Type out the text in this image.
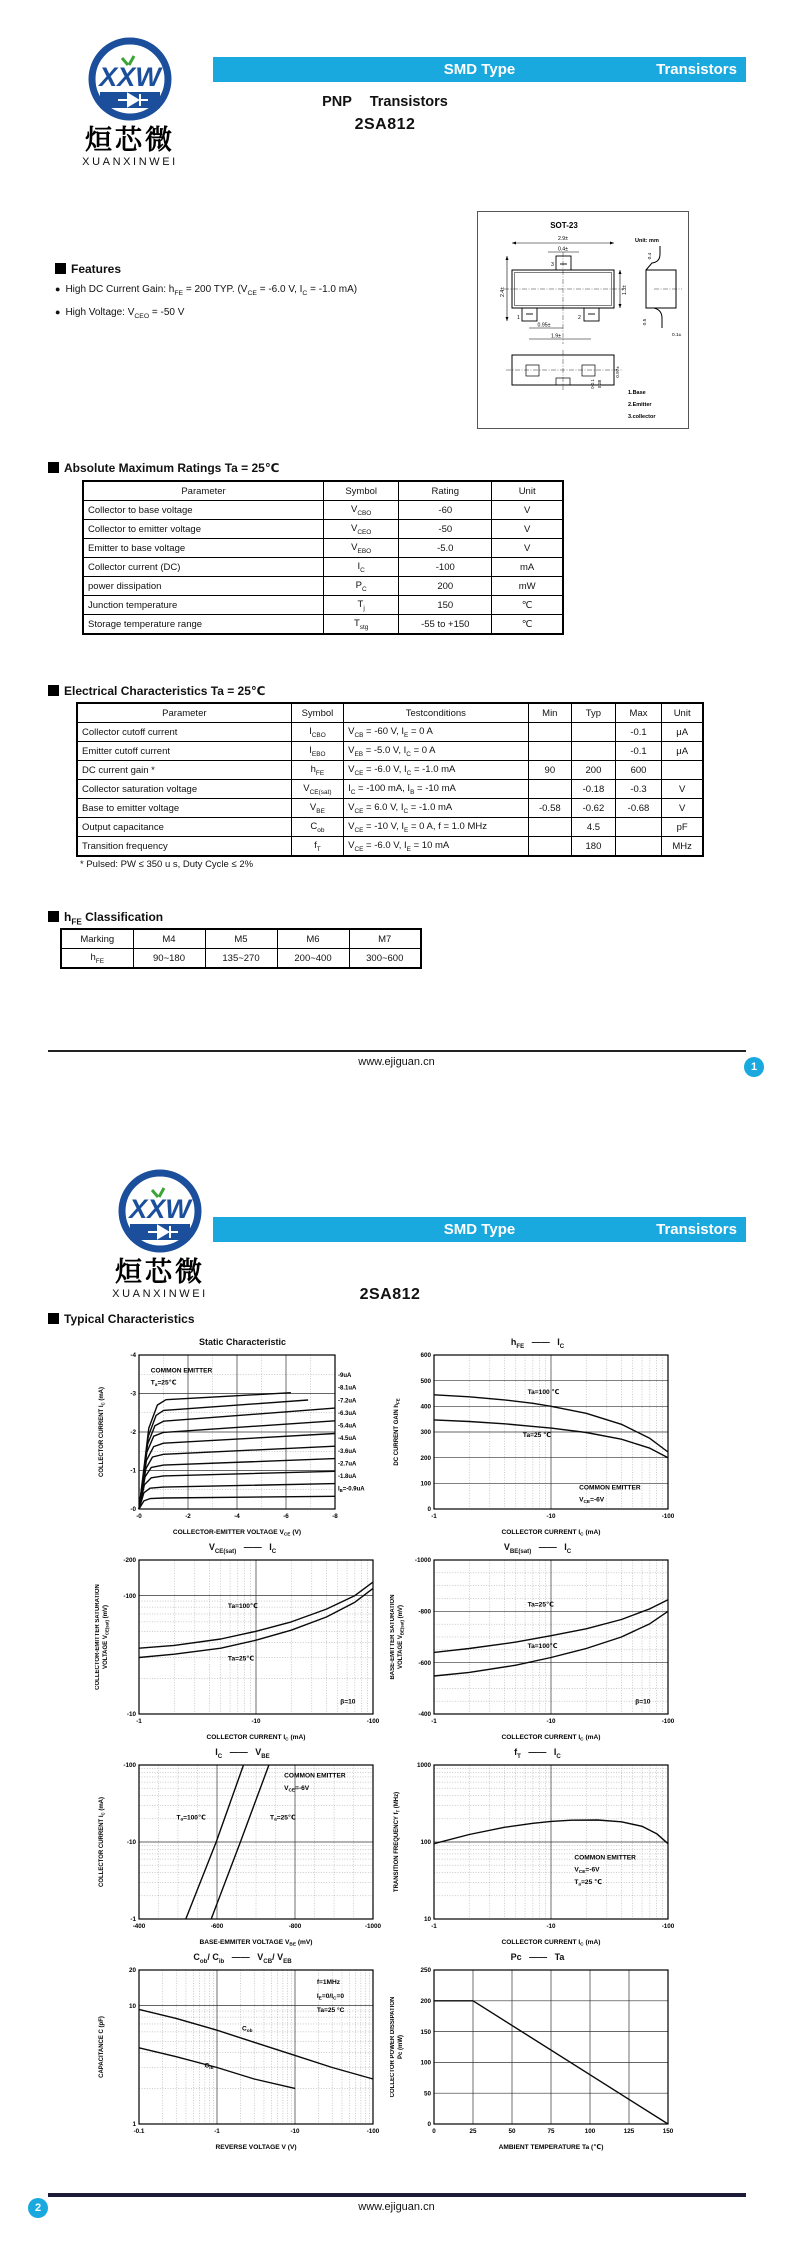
XXW
烜芯微
XUANXINWEI
SMD Type	Transistors
PNP Transistors
2SA812
Features
● High DC Current Gain: $h_{FE} = 200$ TYP. ($V_{CE} = -6.0$ V, $I_C = -1.0$ mA)
● High Voltage: $V_{CEO} = -50$ V
SOT-23
Unit: mm
2.9±
0.4±
3
1	2
2.4±	1.3±
0.95±
1.9±
0.4
0.5
0.1±
0.97±
0-0.1 0.38
1.Base
2.Emitter
3.collector
Absolute Maximum Ratings Ta = 25℃
Parameter	Symbol	Rating	Unit
Collector to base voltage	$V_{CBO}$	-60	V
Collector to emitter voltage	$V_{CEO}$	-50	V
Emitter to base voltage	$V_{EBO}$	-5.0	V
Collector current (DC)	$I_C$	-100	mA
power dissipation	$P_C$	200	mW
Junction temperature	$T_j$	150	℃
Storage temperature range	$T_{stg}$	-55 to +150	℃
Electrical Characteristics Ta = 25℃
Parameter	Symbol	Testconditions	Min	Typ	Max	Unit
Collector cutoff current	$I_{CBO}$	$V_{CB} = -60$ V, $I_E = 0$ A			-0.1	μA
Emitter cutoff current	$I_{EBO}$	$V_{EB} = -5.0$ V, $I_C = 0$ A			-0.1	μA
DC current gain *	$h_{FE}$	$V_{CE} = -6.0$ V, $I_C = -1.0$ mA	90	200	600	
Collector saturation voltage	$V_{CE(sat)}$	$I_C = -100$ mA, $I_B = -10$ mA		-0.18	-0.3	V
Base to emitter voltage	$V_{BE}$	$V_{CE} = 6.0$ V, $I_C = -1.0$ mA	-0.58	-0.62	-0.68	V
Output capacitance	$C_{ob}$	$V_{CE} = -10$ V, $I_E = 0$ A, f = 1.0 MHz		4.5		pF
Transition frequency	$f_T$	$V_{CE} = -6.0$ V, $I_E = 10$ mA		180		MHz
* Pulsed: PW ≤ 350 u s, Duty Cycle ≤ 2%
$h_{FE}$ Classification
Marking	M4	M5	M6	M7
$h_{FE}$	90~180	135~270	200~400	300~600
www.ejiguan.cn	1
XXW
烜芯微
XUANXINWEI
SMD Type	Transistors
2SA812
Typical Characteristics
Static Characteristic
-0	-2	-4	-6	-8
-0
-1
-2
-3
-4
COLLECTOR-EMITTER VOLTAGE $V_{CE}$ (V)
COLLECTOR CURRENT $I_C$ (mA)
COMMON EMITTER
$T_a=25℃$
-9uA
-8.1uA
-7.2uA
-6.3uA
-5.4uA
-4.5uA
-3.6uA
-2.7uA
-1.8uA
$I_B=-0.9uA$
$h_{FE}$   ——   $I_C$
-1	-10	-100
0
100
200
300
400
500
600
COLLECTOR CURRENT $I_C$ (mA)
DC CURRENT GAIN $h_{FE}$
Ta=100 ℃
Ta=25 ℃
COMMON EMITTER
$V_{CE}=-6V$
$V_{CE(sat)}$   ——   $I_C$
-1	-10	-100
-10
-100
-200
COLLECTOR CURRENT $I_C$ (mA)
COLLECTOR-EMITTER SATURATION VOLTAGE $V_{CE(sat)}$ (mV)	Ta=100℃
Ta=25℃
β=10
$V_{BE(sat)}$   ——   $I_C$
-1	-10	-100
-400
-600
-800
-1000
COLLECTOR CURRENT $I_C$ (mA)
BASE-EMITTER SATURATION VOLTAGE $V_{BE(sat)}$ (mV)	Ta=25℃
Ta=100℃
β=10
$I_C$   ——   $V_{BE}$
-400	-600	-800	-1000
-1
-10
-100
BASE-EMMITER VOLTAGE $V_{BE}$ (mV)
COLLECTOR CURRENT $I_C$ (mA)
$T_a=100℃$	$T_a=25℃$
COMMON EMITTER
$V_{CE}=-6V$
$f_T$   ——   $I_C$
-1	-10	-100
10
100
1000
COLLECTOR CURRENT $I_C$ (mA)
TRANSITION FREQUENCY $f_T$ (MHz)
COMMON EMITTER
$V_{CE}=-6V$
$T_a=25$ ℃
$C_{ob}/$ $C_{ib}$   ——   $V_{CB}/$ $V_{EB}$
-0.1	-1	-10	-100
1
10
20
REVERSE VOLTAGE V (V)
CAPACITANCE C (pF)	$C_{ob}$
$C_{ib}$
f=1MHz
$I_E=0/I_C=0$
Ta=25 °C
Pc   ——   Ta
0	25	50	75	100	125	150
0
50
100
150
200
250
AMBIENT TEMPERATURE Ta (℃)
COLLECTOR POWER DISSIPATION Pc (mW)
www.ejiguan.cn
2
